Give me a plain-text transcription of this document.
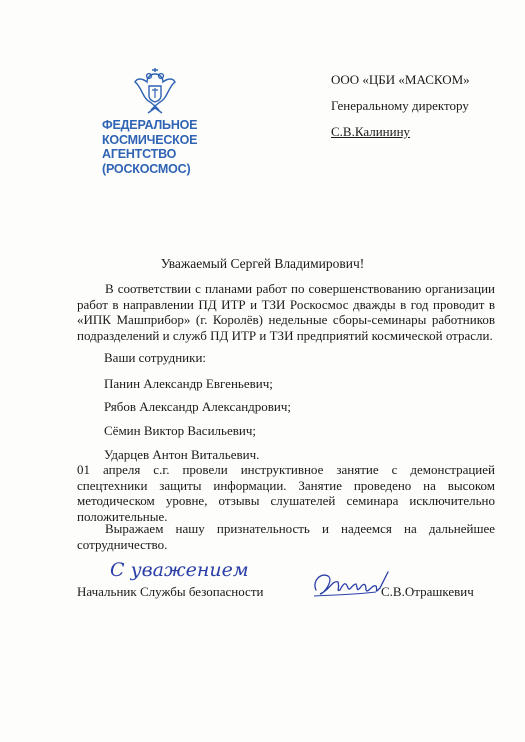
ФЕДЕРАЛЬНОЕ
КОСМИЧЕСКОЕ АГЕНТСТВО
(РОСКОСМОС)
ООО «ЦБИ «МАСКОМ»
Генеральному директору
С.В.Калинину
Уважаемый Сергей Владимирович!
В соответствии с планами работ по совершенствованию организации работ в направлении ПД ИТР и ТЗИ Роскосмос дважды в год проводит в «ИПК Машприбор» (г. Королёв) недельные сборы-семинары работников подразделений и служб ПД ИТР и ТЗИ предприятий космической отрасли.
Ваши сотрудники:
Панин Александр Евгеньевич;
Рябов Александр Александрович;
Сёмин Виктор Васильевич;
Ударцев Антон Витальевич.
01 апреля с.г. провели инструктивное занятие с демонстрацией спецтехники защиты информации. Занятие проведено на высоком методическом уровне, отзывы слушателей семинара исключительно положительные.
Выражаем нашу признательность и надеемся на дальнейшее сотрудничество.
С уважением
Начальник Службы безопасности	С.В.Отрашкевич
